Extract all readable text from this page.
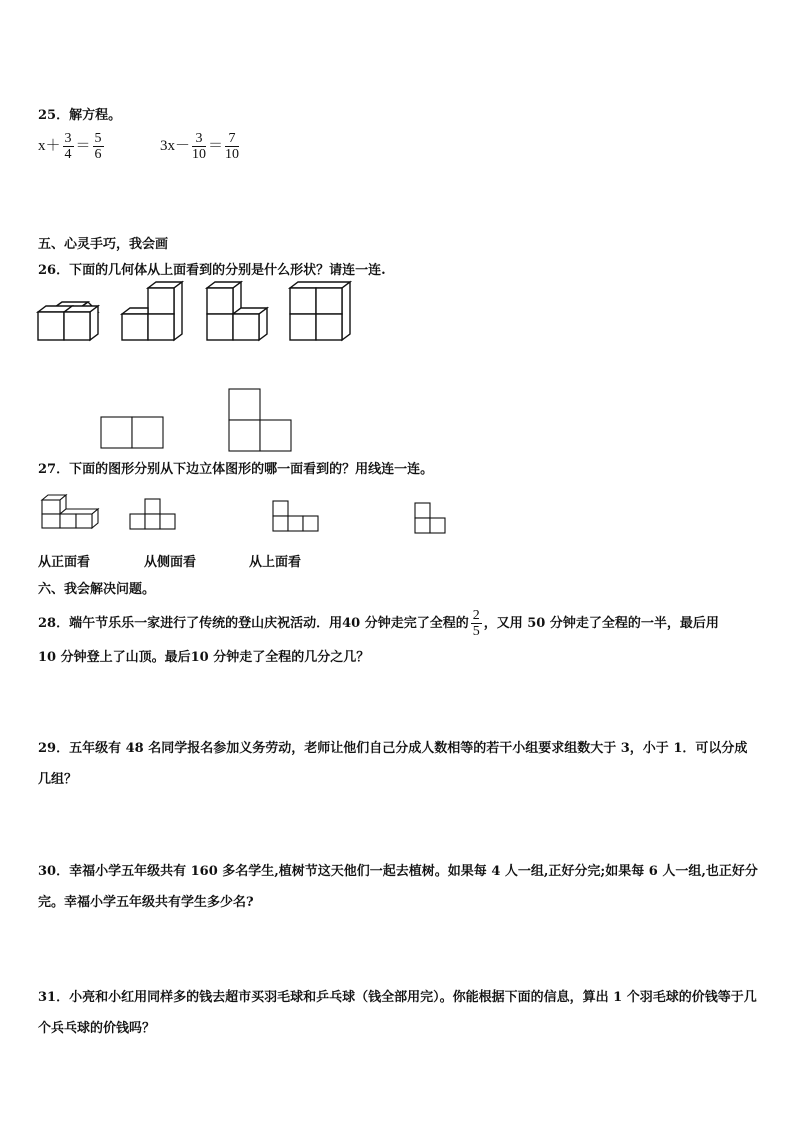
25．解方程。
$x+ \frac{3}{4} = \frac{5}{6}$	$3x- \frac{3}{10} = \frac{7}{10}$
五、心灵手巧，我会画
26．下面的几何体从上面看到的分别是什么形状？请连一连.
27．下面的图形分别从下边立体图形的哪一面看到的？用线连一连。
从正面看	从侧面看	从上面看
六、我会解决问题。
28．端午节乐乐一家进行了传统的登山庆祝活动．用40 分钟走完了全程的 $\frac{2}{5}$ ，又用 50 分钟走了全程的一半，最后用
10 分钟登上了山顶。最后10 分钟走了全程的几分之几？
29．五年级有 48 名同学报名参加义务劳动，老师让他们自己分成人数相等的若干小组要求组数大于 3，小于 1．可以分成几组？
30．幸福小学五年级共有 160 多名学生,植树节这天他们一起去植树。如果每 4 人一组,正好分完;如果每 6 人一组,也正好分完。幸福小学五年级共有学生多少名?
31．小亮和小红用同样多的钱去超市买羽毛球和乒乓球（钱全部用完）。你能根据下面的信息，算出 1 个羽毛球的价钱等于几个兵乓球的价钱吗？
